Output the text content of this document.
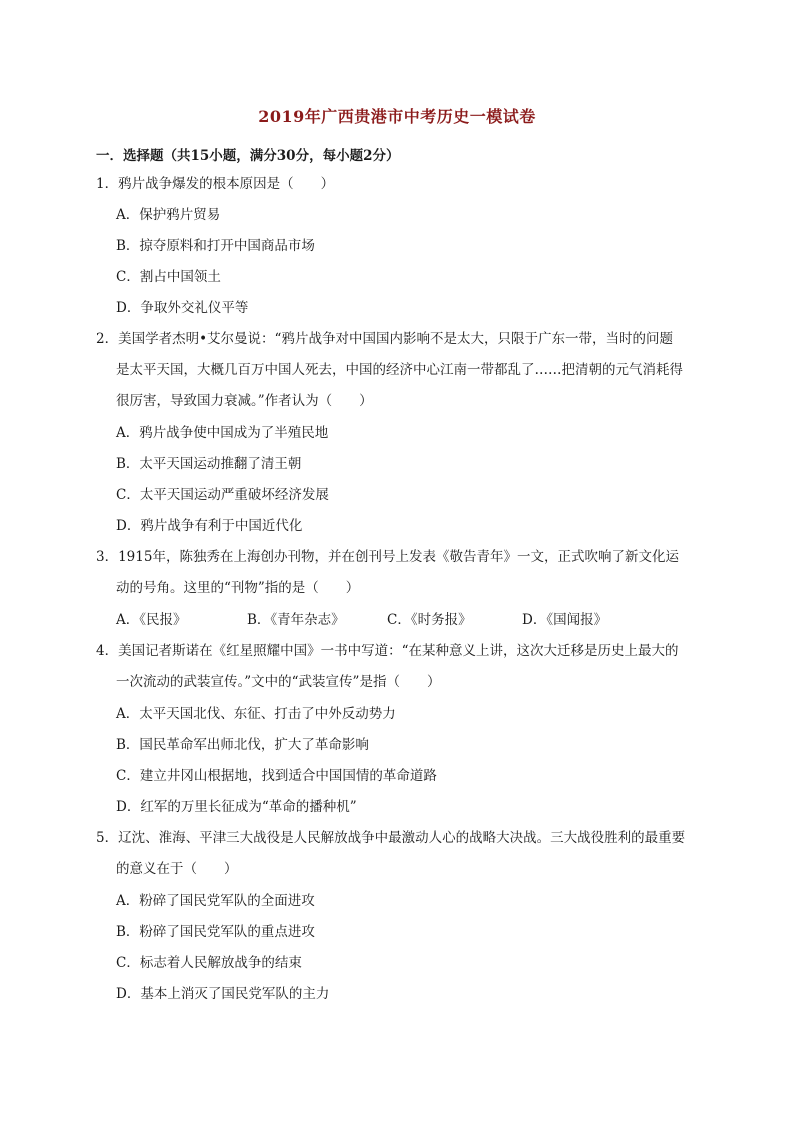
2019年广西贵港市中考历史一模试卷
一．选择题（共15小题，满分30分，每小题2分）
1．鸦片战争爆发的根本原因是（　　）
A．保护鸦片贸易
B．掠夺原料和打开中国商品市场
C．割占中国领土
D．争取外交礼仪平等
2．美国学者杰明•艾尔曼说：“鸦片战争对中国国内影响不是太大，只限于广东一带，当时的问题
是太平天国，大概几百万中国人死去，中国的经济中心江南一带都乱了……把清朝的元气消耗得
很厉害，导致国力衰减。”作者认为（　　）
A．鸦片战争使中国成为了半殖民地
B．太平天国运动推翻了清王朝
C．太平天国运动严重破坏经济发展
D．鸦片战争有利于中国近代化
3．1915年，陈独秀在上海创办刊物，并在创刊号上发表《敬告青年》一文，正式吹响了新文化运
动的号角。这里的“刊物”指的是（　　）
A．《民报》	B．《青年杂志》	C．《时务报》	D．《国闻报》
4．美国记者斯诺在《红星照耀中国》一书中写道：“在某种意义上讲，这次大迁移是历史上最大的
一次流动的武装宣传。”文中的“武装宣传”是指（　　）
A．太平天国北伐、东征、打击了中外反动势力
B．国民革命军出师北伐，扩大了革命影响
C．建立井冈山根据地，找到适合中国国情的革命道路
D．红军的万里长征成为“革命的播种机”
5．辽沈、淮海、平津三大战役是人民解放战争中最激动人心的战略大决战。三大战役胜利的最重要
的意义在于（　　）
A．粉碎了国民党军队的全面进攻
B．粉碎了国民党军队的重点进攻
C．标志着人民解放战争的结束
D．基本上消灭了国民党军队的主力
